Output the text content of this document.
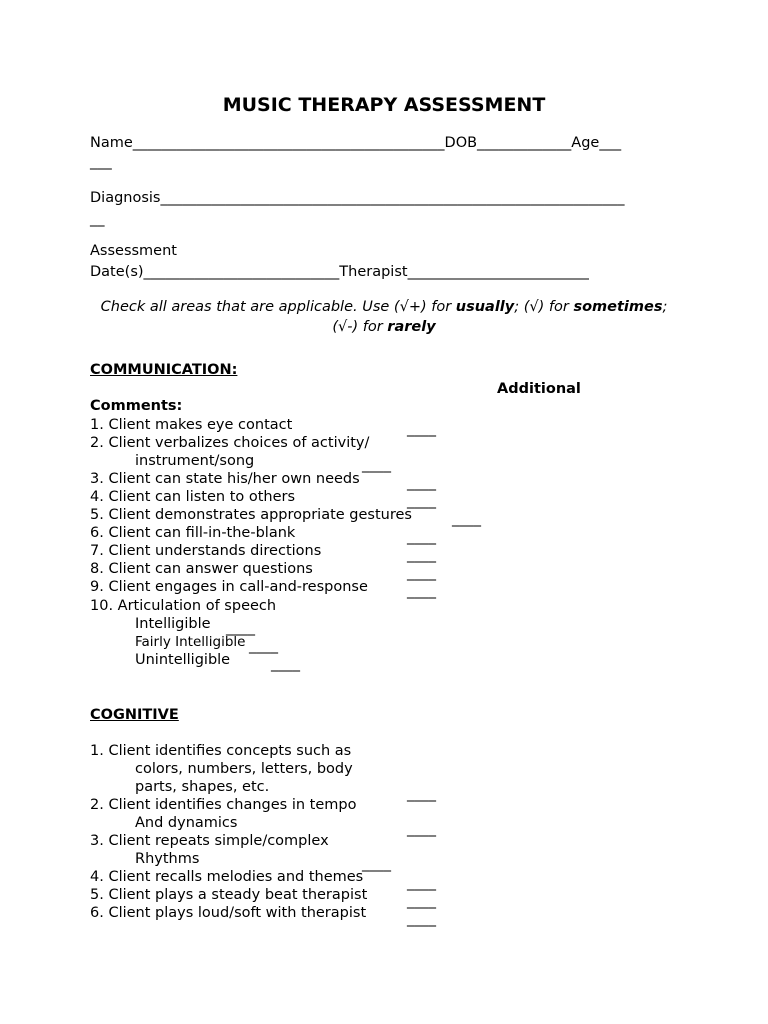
MUSIC THERAPY ASSESSMENT
Name___________________________________________DOB_____________Age___
___
Diagnosis________________________________________________________________
__
Assessment
Date(s)___________________________Therapist_________________________
Check all areas that are applicable. Use (√+) for usually; (√) for sometimes;
(√-) for rarely
COMMUNICATION:
Additional
Comments:
1. Client makes eye contact	____
2. Client verbalizes choices of activity/
instrument/song	____
3. Client can state his/her own needs	____
4. Client can listen to others	____
5. Client demonstrates appropriate gestures	____
6. Client can fill-in-the-blank	____
7. Client understands directions	____
8. Client can answer questions	____
9. Client engages in call-and-response	____
10. Articulation of speech
Intelligible ____
Fairly Intelligible ____
Unintelligible	____
COGNITIVE
1. Client identifies concepts such as
colors, numbers, letters, body
parts, shapes, etc.	____
2. Client identifies changes in tempo
And dynamics	____
3. Client repeats simple/complex
Rhythms	____
4. Client recalls melodies and themes	____
5. Client plays a steady beat therapist	____
6. Client plays loud/soft with therapist	____
